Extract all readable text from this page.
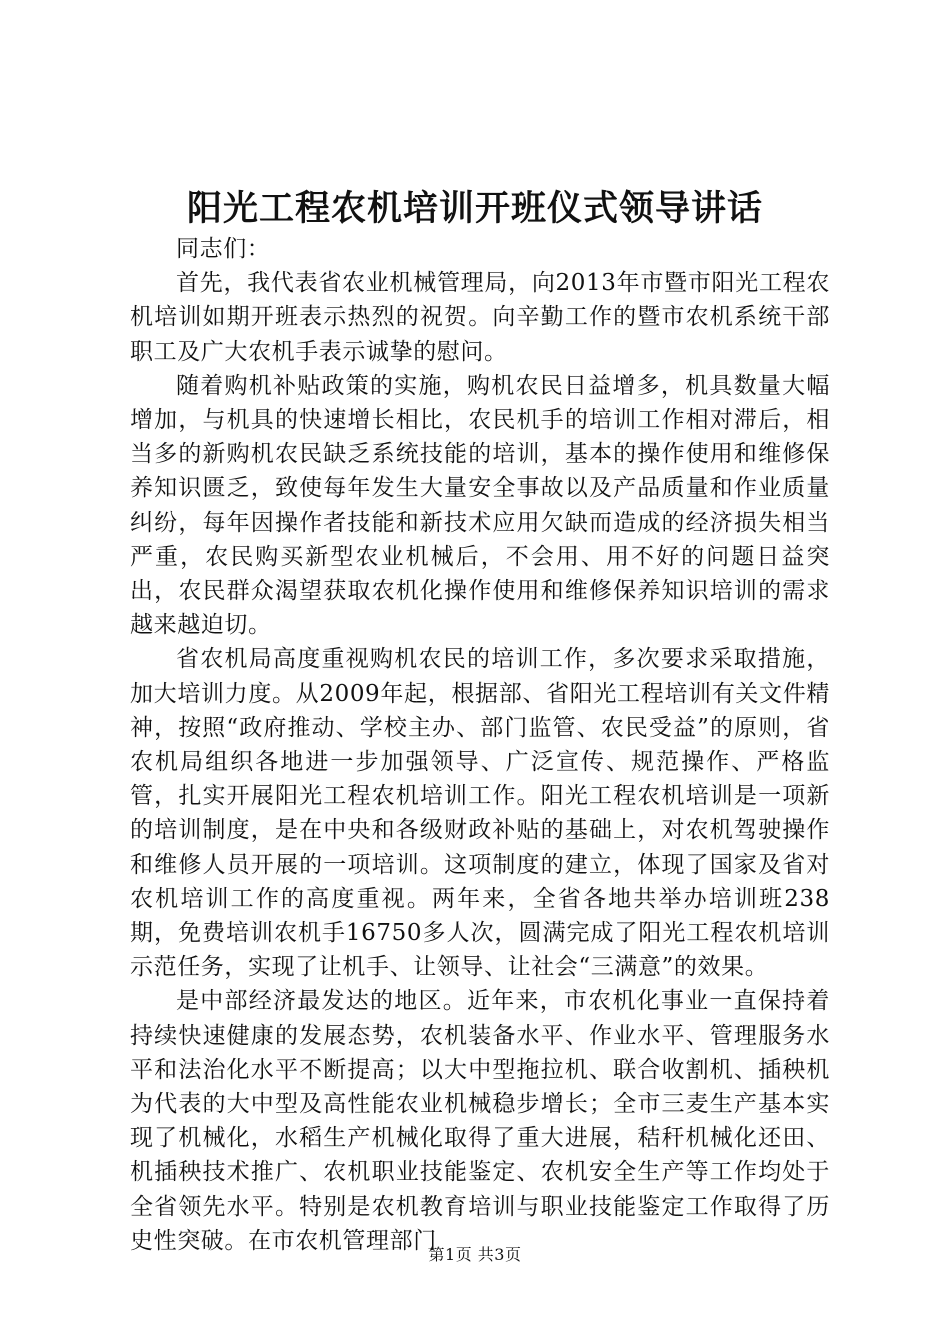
阳光工程农机培训开班仪式领导讲话

同志们：

首先，我代表省农业机械管理局，向2013年市暨市阳光工程农机培训如期开班表示热烈的祝贺。向辛勤工作的暨市农机系统干部职工及广大农机手表示诚挚的慰问。

随着购机补贴政策的实施，购机农民日益增多，机具数量大幅增加，与机具的快速增长相比，农民机手的培训工作相对滞后，相当多的新购机农民缺乏系统技能的培训，基本的操作使用和维修保养知识匮乏，致使每年发生大量安全事故以及产品质量和作业质量纠纷，每年因操作者技能和新技术应用欠缺而造成的经济损失相当严重，农民购买新型农业机械后，不会用、用不好的问题日益突出，农民群众渴望获取农机化操作使用和维修保养知识培训的需求越来越迫切。

省农机局高度重视购机农民的培训工作，多次要求采取措施，加大培训力度。从2009年起，根据部、省阳光工程培训有关文件精神，按照“政府推动、学校主办、部门监管、农民受益”的原则，省农机局组织各地进一步加强领导、广泛宣传、规范操作、严格监管，扎实开展阳光工程农机培训工作。阳光工程农机培训是一项新的培训制度，是在中央和各级财政补贴的基础上，对农机驾驶操作和维修人员开展的一项培训。这项制度的建立，体现了国家及省对农机培训工作的高度重视。两年来，全省各地共举办培训班238期，免费培训农机手16750多人次，圆满完成了阳光工程农机培训示范任务，实现了让机手、让领导、让社会“三满意”的效果。

是中部经济最发达的地区。近年来，市农机化事业一直保持着持续快速健康的发展态势，农机装备水平、作业水平、管理服务水平和法治化水平不断提高；以大中型拖拉机、联合收割机、插秧机为代表的大中型及高性能农业机械稳步增长；全市三麦生产基本实现了机械化，水稻生产机械化取得了重大进展，秸秆机械化还田、机插秧技术推广、农机职业技能鉴定、农机安全生产等工作均处于全省领先水平。特别是农机教育培训与职业技能鉴定工作取得了历史性突破。在市农机管理部门

第1页 共3页
